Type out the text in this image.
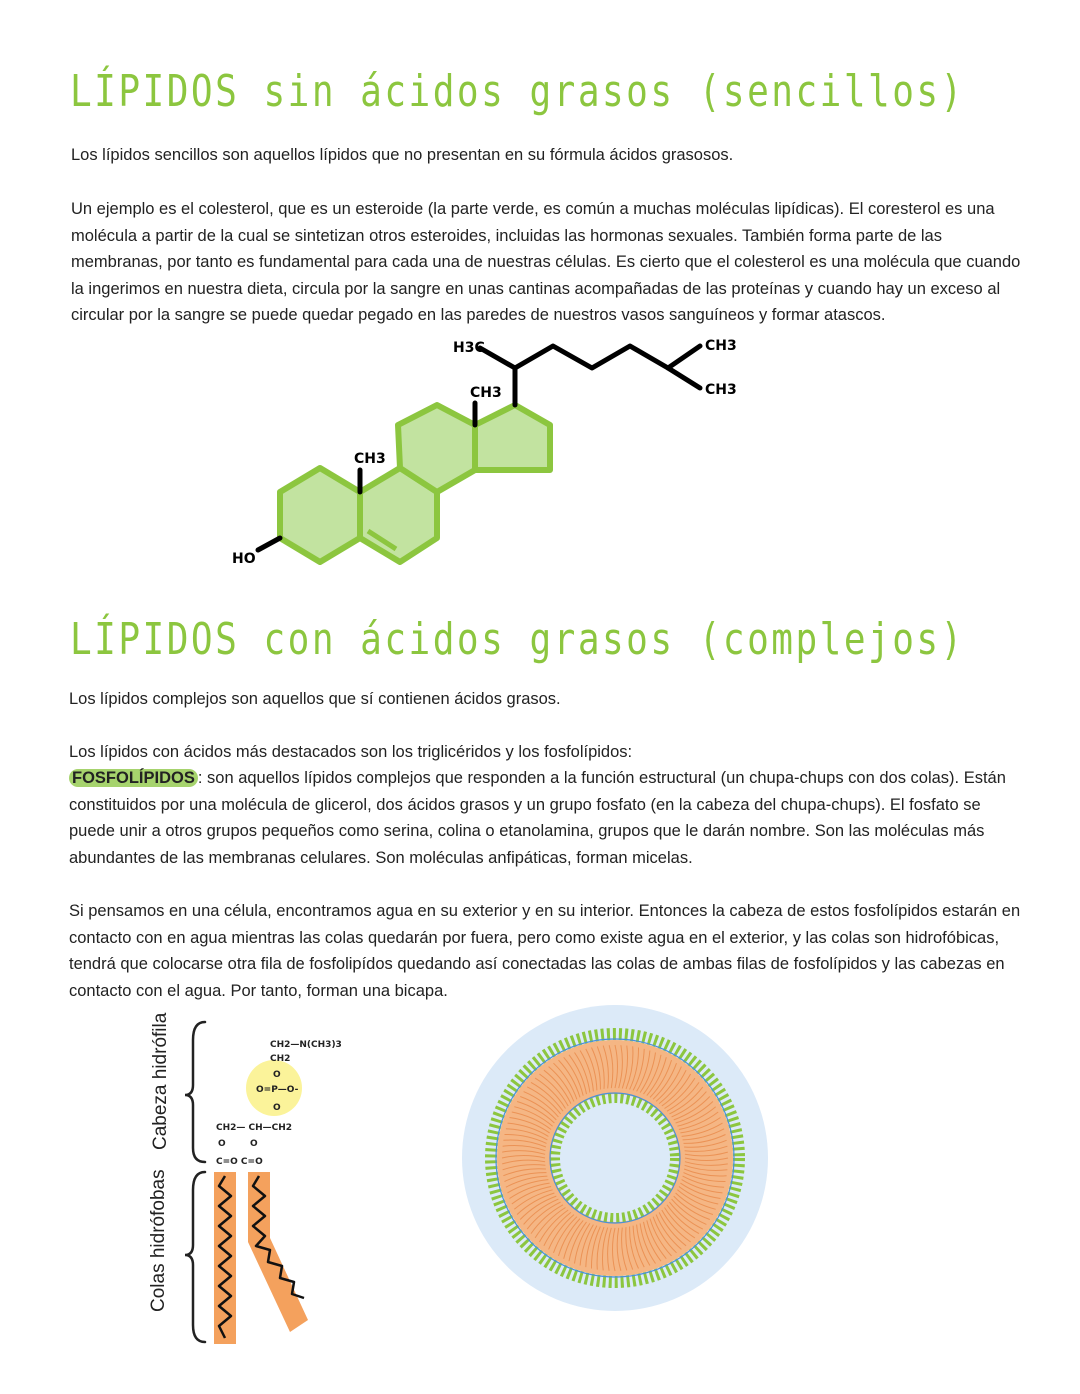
LÍPIDOS sin ácidos grasos (sencillos)

Los lípidos sencillos son aquellos lípidos que no presentan en su fórmula ácidos grasosos.

Un ejemplo es el colesterol, que es un esteroide (la parte verde, es común a muchas moléculas lipídicas). El coresterol es una molécula a partir de la cual se sintetizan otros esteroides, incluidas las hormonas sexuales. También forma parte de las membranas, por tanto es fundamental para cada una de nuestras células. Es cierto que el colesterol es una molécula que cuando la ingerimos en nuestra dieta, circula por la sangre en unas cantinas acompañadas de las proteínas y cuando hay un exceso al circular por la sangre se puede quedar pegado en las paredes de nuestros vasos sanguíneos y formar atascos.

HO
CH3
CH3
H3C	CH3
CH3
LÍPIDOS con ácidos grasos (complejos)

Los lípidos complejos son aquellos que sí contienen ácidos grasos.

Los lípidos con ácidos más destacados son los triglicéridos y los fosfolípidos:

FOSFOLÍPIDOS : son aquellos lípidos complejos que responden a la función estructural (un chupa-chups con dos colas). Están constituidos por una molécula de glicerol, dos ácidos grasos y un grupo fosfato (en la cabeza del chupa-chups). El fosfato se puede unir a otros grupos pequeños como serina, colina o etanolamina, grupos que le darán nombre. Son las moléculas más abundantes de las membranas celulares. Son moléculas anfipáticas, forman micelas.

Si pensamos en una célula, encontramos agua en su exterior y en su interior. Entonces la cabeza de estos fosfolípidos estarán en contacto con en agua mientras las colas quedarán por fuera, pero como existe agua en el exterior, y las colas son hidrofóbicas, tendrá que colocarse otra fila de fosfolipídos quedando así conectadas las colas de ambas filas de fosfolípidos y las cabezas en contacto con el agua. Por tanto, forman una bicapa.

Cabeza hidrófila
Colas hidrófobas
CH2—N(CH3)3
CH2
O
O=P—O-
O
CH2— CH—CH2
O	O
C=O C=O
